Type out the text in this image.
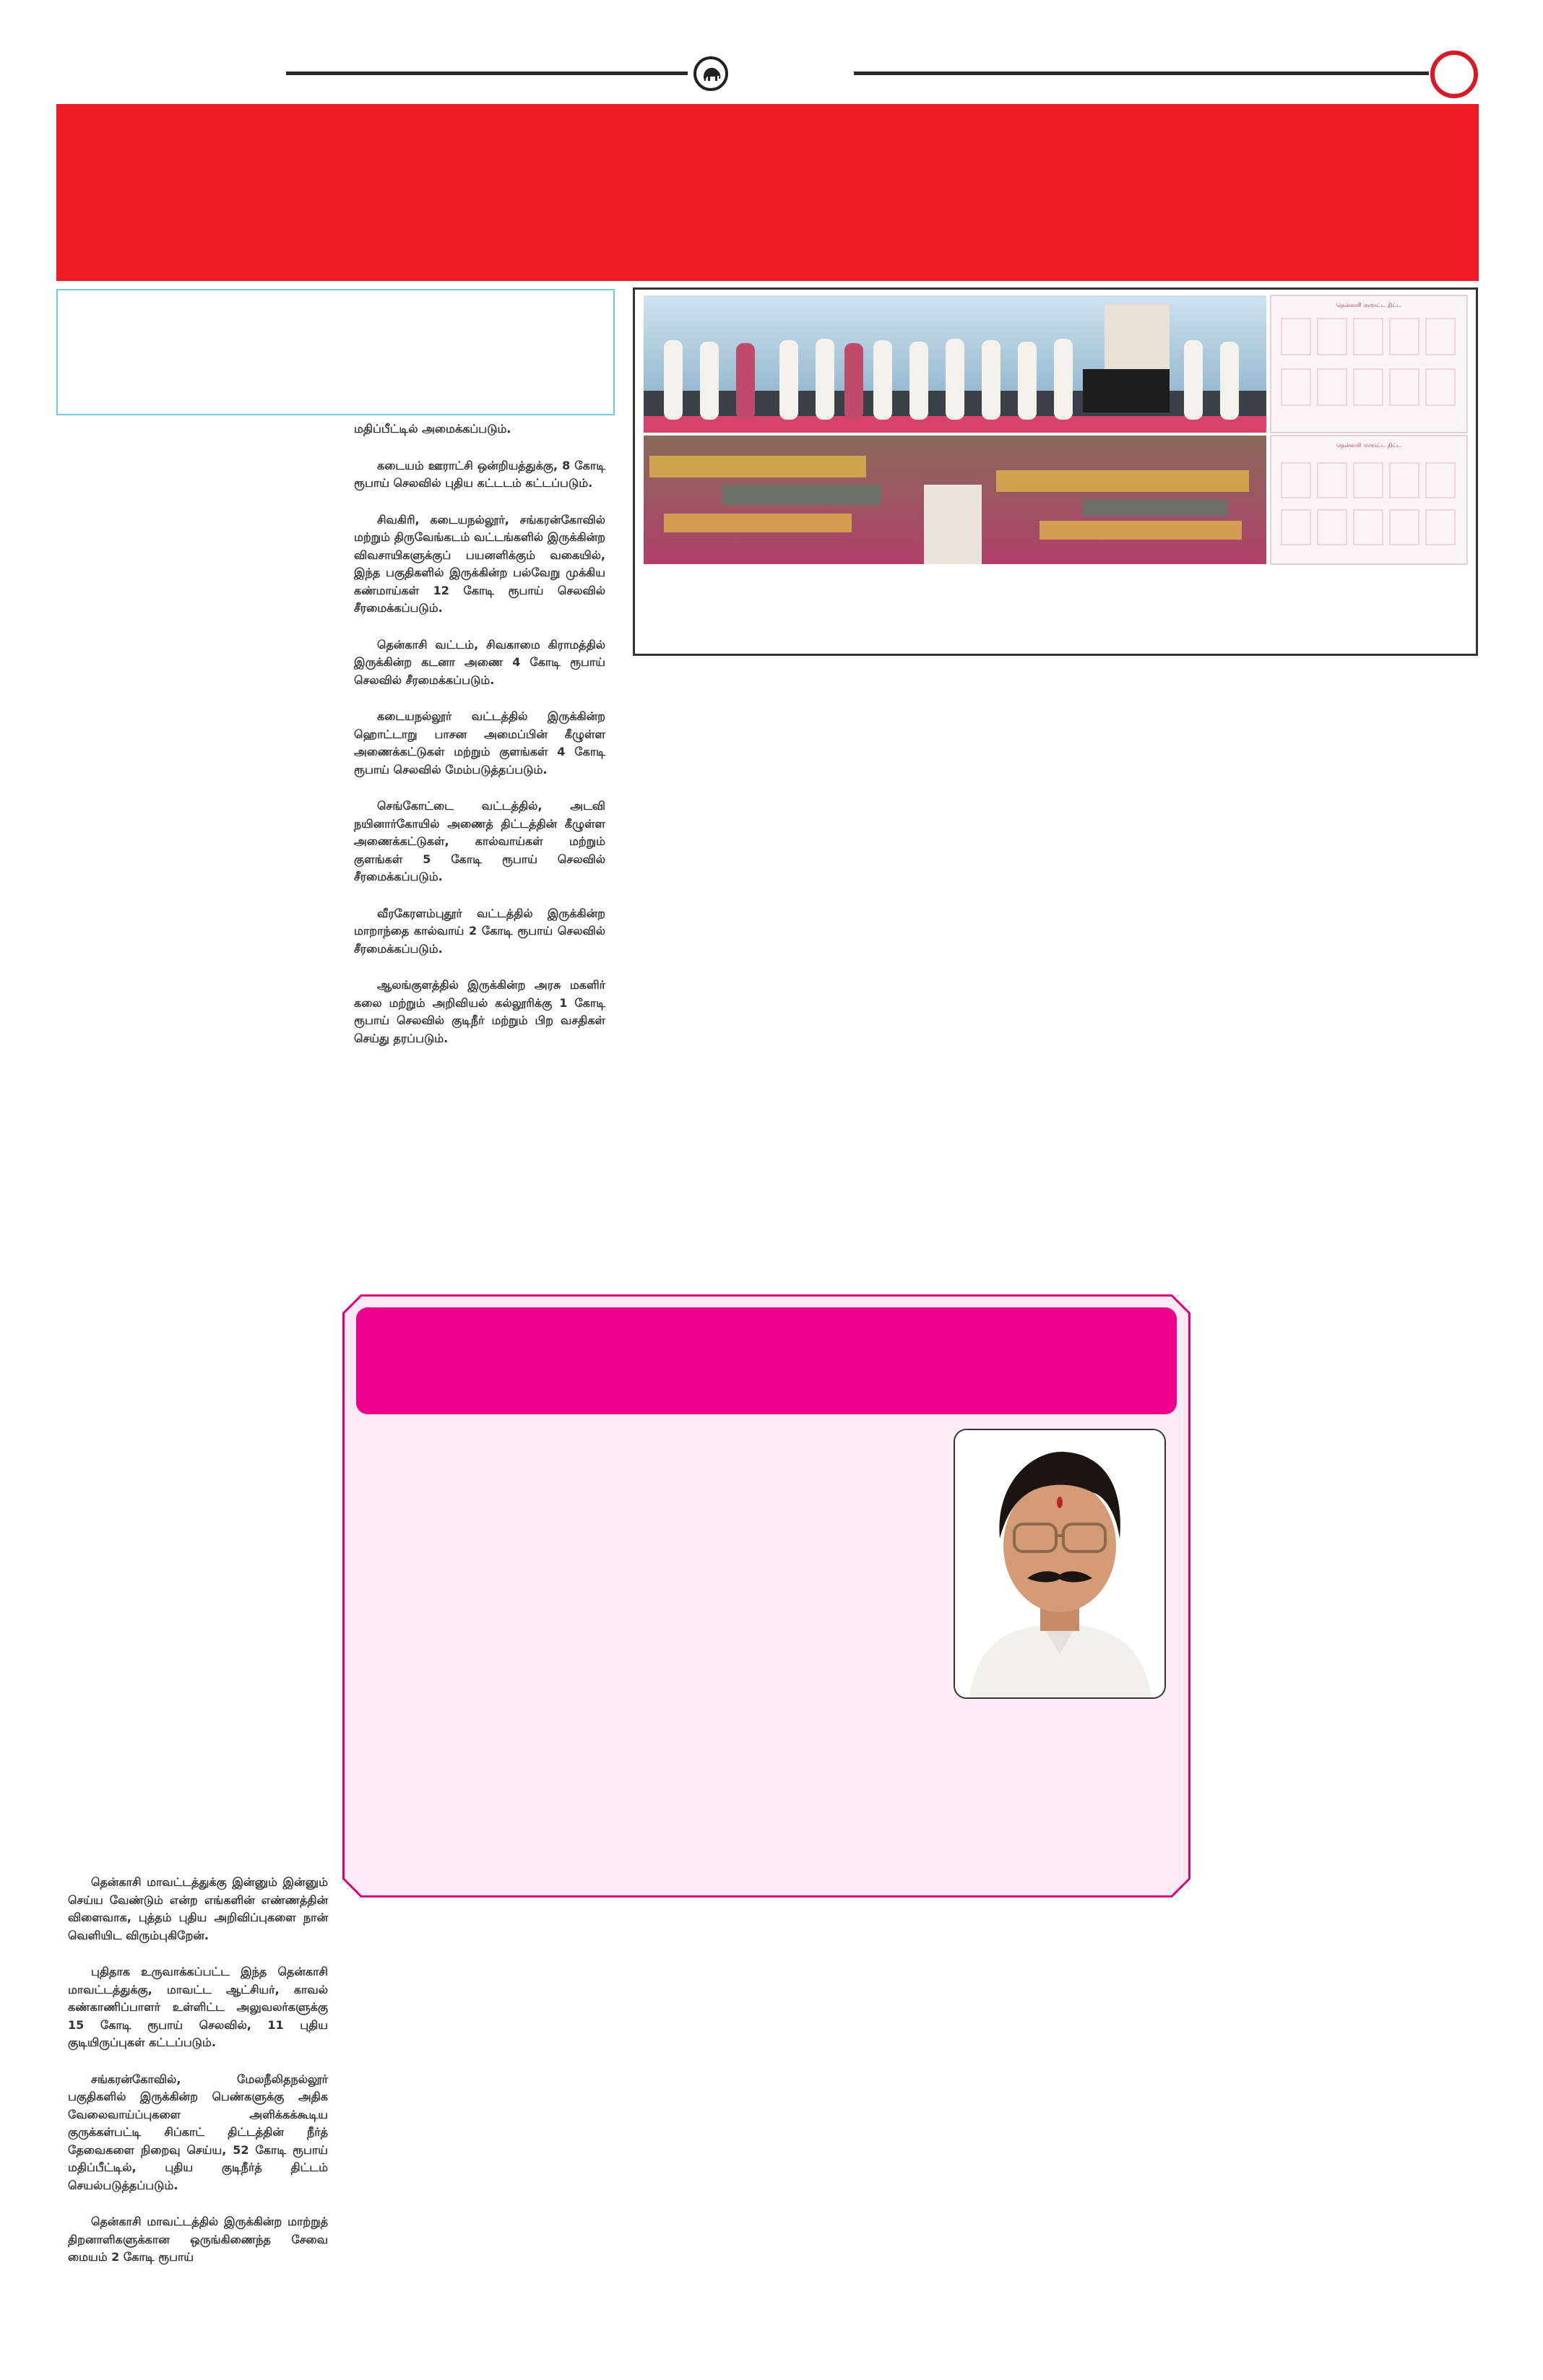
தென்காசி மாவட்ட திட்ட
தென்காசி மாவட்ட திட்ட

மதிப்பீட்டில் அமைக்கப்படும்.

கடையம் ஊராட்சி ஒன்றியத்துக்கு, 8 கோடி ரூபாய் செலவில் புதிய கட்டடம் கட்டப்படும்.

சிவகிரி, கடையநல்லூர், சங்கரன்கோவில் மற்றும் திருவேங்கடம் வட்டங்களில் இருக்கின்ற விவசாயிகளுக்குப் பயனளிக்கும் வகையில், இந்த பகுதிகளில் இருக்கின்ற பல்வேறு முக்கிய கண்மாய்கள் 12 கோடி ரூபாய் செலவில் சீரமைக்கப்படும்.

தென்காசி வட்டம், சிவகாமை கிராமத்தில் இருக்கின்ற கடனா அணை 4 கோடி ரூபாய் செலவில் சீரமைக்கப்படும்.

கடையநல்லூர் வட்டத்தில் இருக்கின்ற ஹொட்டாறு பாசன அமைப்பின் கீழுள்ள அணைக்கட்டுகள் மற்றும் குளங்கள் 4 கோடி ரூபாய் செலவில் மேம்படுத்தப்படும்.

செங்கோட்டை வட்டத்தில், அடவி நயினார்கோயில் அணைத் திட்டத்தின் கீழுள்ள அணைக்கட்டுகள், கால்வாய்கள் மற்றும் குளங்கள் 5 கோடி ரூபாய் செலவில் சீரமைக்கப்படும்.

வீரகேரளம்புதூர் வட்டத்தில் இருக்கின்ற மாறாந்தை கால்வாய் 2 கோடி ரூபாய் செலவில் சீரமைக்கப்படும்.

ஆலங்குளத்தில் இருக்கின்ற அரசு மகளிர் கலை மற்றும் அறிவியல் கல்லூரிக்கு 1 கோடி ரூபாய் செலவில் குடிநீர் மற்றும் பிற வசதிகள் செய்து தரப்படும்.

தென்காசி மாவட்டத்துக்கு இன்னும் இன்னும் செய்ய வேண்டும் என்ற எங்களின் எண்ணத்தின் விளைவாக, புத்தம் புதிய அறிவிப்புகளை நான் வெளியிட விரும்புகிறேன்.

புதிதாக உருவாக்கப்பட்ட இந்த தென்காசி மாவட்டத்துக்கு, மாவட்ட ஆட்சியர், காவல் கண்காணிப்பாளர் உள்ளிட்ட அலுவலர்களுக்கு 15 கோடி ரூபாய் செலவில், 11 புதிய குடியிருப்புகள் கட்டப்படும்.

சங்கரன்கோவில், மேலநீலிதநல்லூர் பகுதிகளில் இருக்கின்ற பெண்களுக்கு அதிக வேலைவாய்ப்புகளை அளிக்கக்கூடிய குருக்கள்பட்டி சிப்காட் திட்டத்தின் நீர்த் தேவைகளை நிறைவு செய்ய, 52 கோடி ரூபாய் மதிப்பீட்டில், புதிய குடிநீர்த் திட்டம் செயல்படுத்தப்படும்.

தென்காசி மாவட்டத்தில் இருக்கின்ற மாற்றுத் திறனாளிகளுக்கான ஒருங்கிணைந்த சேவை மையம் 2 கோடி ரூபாய்
